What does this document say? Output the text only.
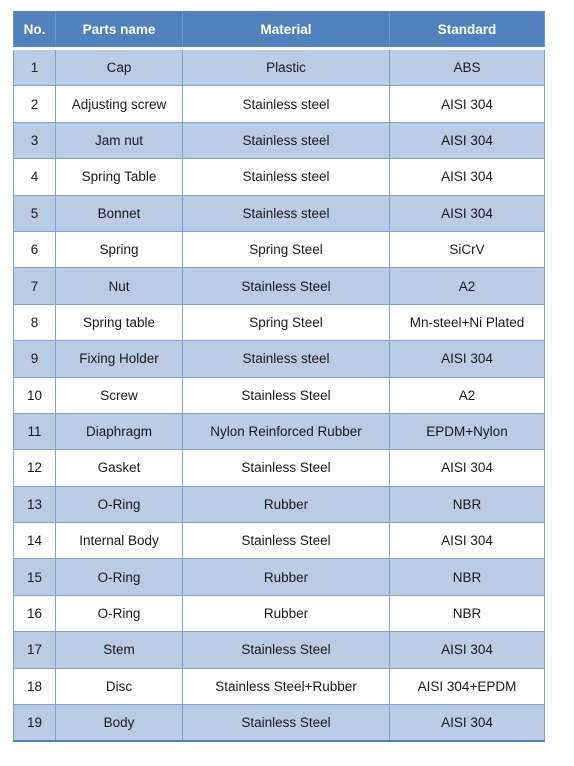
No.	Parts name	Material	Standard
1	Cap	Plastic	ABS
2	Adjusting screw	Stainless steel	AISI 304
3	Jam nut	Stainless steel	AISI 304
4	Spring Table	Stainless steel	AISI 304
5	Bonnet	Stainless steel	AISI 304
6	Spring	Spring Steel	SiCrV
7	Nut	Stainless Steel	A2
8	Spring table	Spring Steel	Mn-steel+Ni Plated
9	Fixing Holder	Stainless steel	AISI 304
10	Screw	Stainless Steel	A2
11	Diaphragm	Nylon Reinforced Rubber	EPDM+Nylon
12	Gasket	Stainless Steel	AISI 304
13	O-Ring	Rubber	NBR
14	Internal Body	Stainless Steel	AISI 304
15	O-Ring	Rubber	NBR
16	O-Ring	Rubber	NBR
17	Stem	Stainless Steel	AISI 304
18	Disc	Stainless Steel+Rubber	AISI 304+EPDM
19	Body	Stainless Steel	AISI 304
